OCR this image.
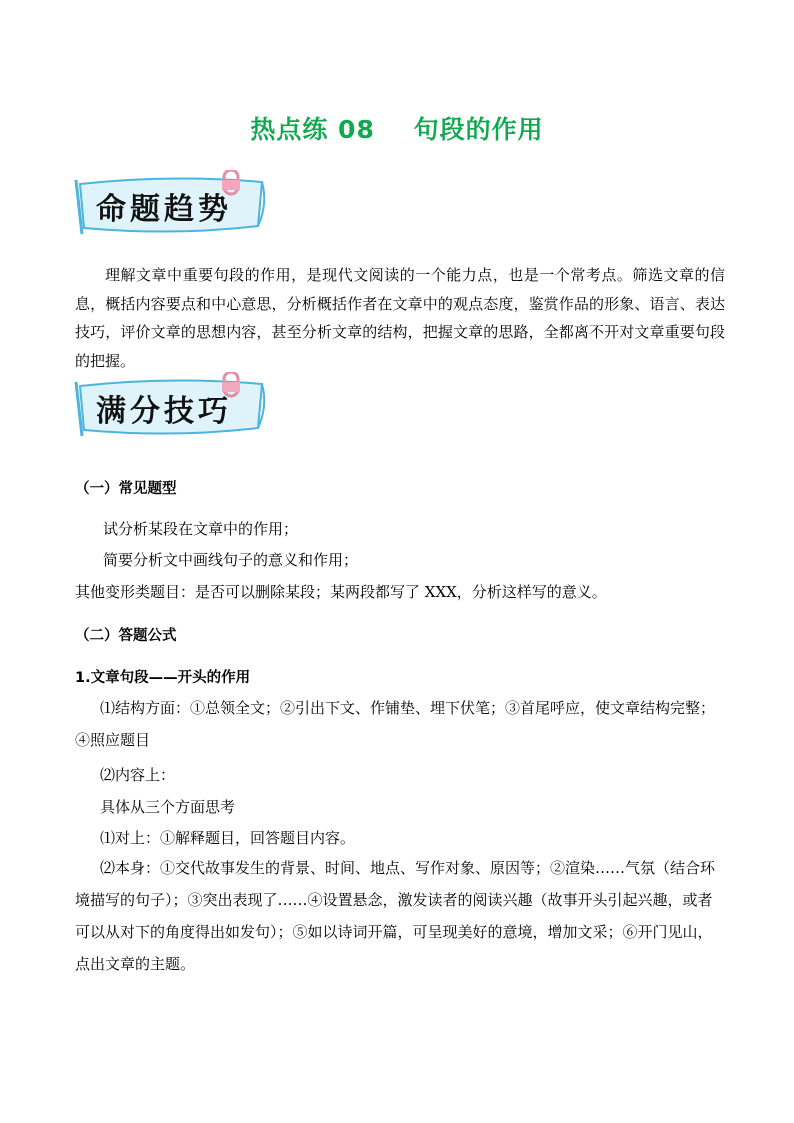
热点练 08    句段的作用
命题趋势
理解文章中重要句段的作用，是现代文阅读的一个能力点，也是一个常考点。筛选文章的信息，概括内容要点和中心意思，分析概括作者在文章中的观点态度，鉴赏作品的形象、语言、表达技巧，评价文章的思想内容，甚至分析文章的结构，把握文章的思路，全都离不开对文章重要句段的把握。
满分技巧
（一）常见题型
试分析某段在文章中的作用；
简要分析文中画线句子的意义和作用；
其他变形类题目：是否可以删除某段；某两段都写了 XXX，分析这样写的意义。
（二）答题公式
1.文章句段——开头的作用
⑴结构方面：①总领全文；②引出下文、作铺垫、埋下伏笔；③首尾呼应，使文章结构完整；④照应题目
⑵内容上：
具体从三个方面思考
⑴对上：①解释题目，回答题目内容。
⑵本身：①交代故事发生的背景、时间、地点、写作对象、原因等；②渲染……气氛（结合环境描写的句子）；③突出表现了……④设置悬念，激发读者的阅读兴趣（故事开头引起兴趣，或者可以从对下的角度得出如发句）；⑤如以诗词开篇，可呈现美好的意境，增加文采；⑥开门见山，点出文章的主题。
